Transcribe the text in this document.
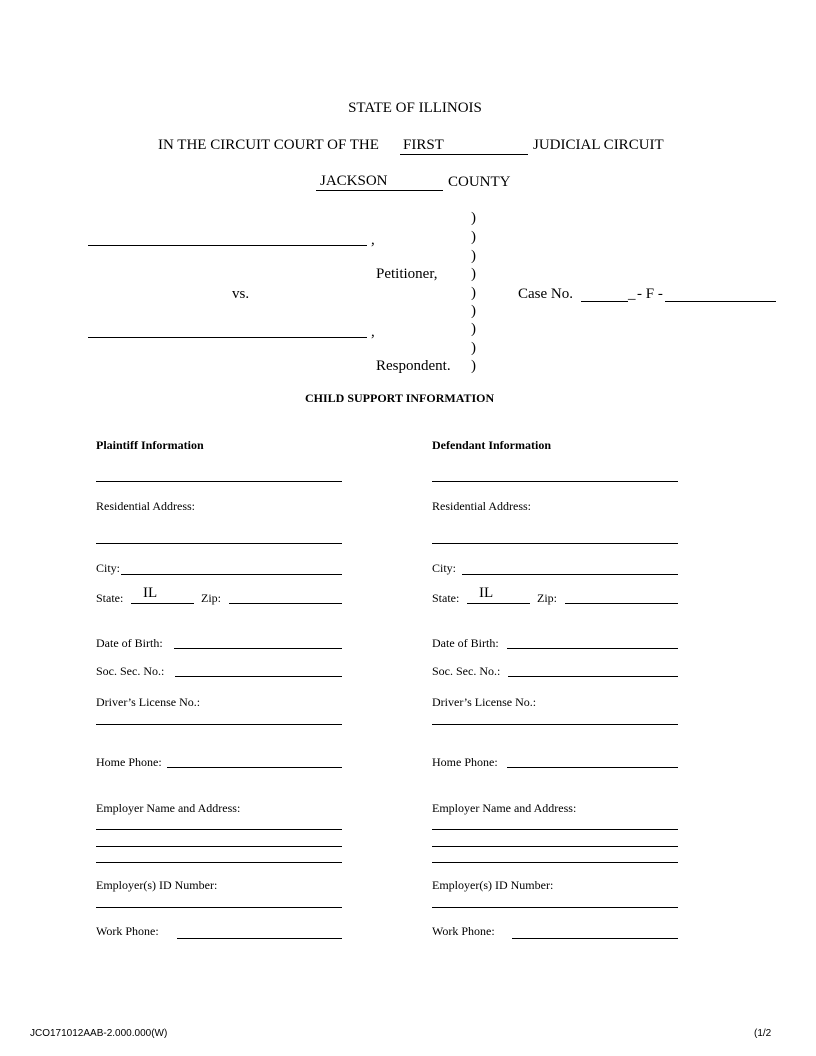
STATE OF ILLINOIS
IN THE CIRCUIT COURT OF THE FIRST	JUDICIAL CIRCUIT
JACKSON	COUNTY
,
Petitioner,
vs.
,
Respondent.
)
)
)
)
)
)
)
)
)
Case No.	_ - F -
CHILD SUPPORT INFORMATION
Plaintiff Information
Residential Address:
City:
State: IL	Zip:
Date of Birth:
Soc. Sec. No.:
Driver’s License No.:
Home Phone:
Employer Name and Address:
Employer(s) ID Number:
Work Phone:
Defendant Information
Residential Address:
City:
State: IL	Zip:
Date of Birth:
Soc. Sec. No.:
Driver’s License No.:
Home Phone:
Employer Name and Address:
Employer(s) ID Number:
Work Phone:
JCO171012AAB-2.000.000(W)	(1/2
